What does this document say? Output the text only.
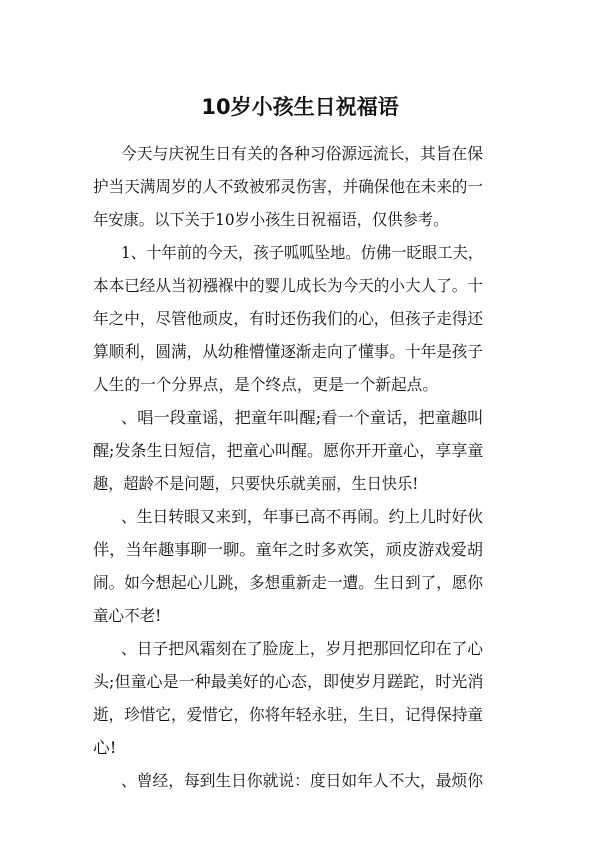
10岁小孩生日祝福语
今天与庆祝生日有关的各种习俗源远流长，其旨在保
护当天满周岁的人不致被邪灵伤害，并确保他在未来的一
年安康。以下关于10岁小孩生日祝福语，仅供参考。
1、十年前的今天，孩子呱呱坠地。仿佛一眨眼工夫，
本本已经从当初襁褓中的婴儿成长为今天的小大人了。十
年之中，尽管他顽皮，有时还伤我们的心，但孩子走得还
算顺利，圆满，从幼稚懵懂逐渐走向了懂事。十年是孩子
人生的一个分界点，是个终点，更是一个新起点。
、唱一段童谣，把童年叫醒;看一个童话，把童趣叫
醒;发条生日短信，把童心叫醒。愿你开开童心，享享童
趣，超龄不是问题，只要快乐就美丽，生日快乐!
、生日转眼又来到，年事已高不再闹。约上儿时好伙
伴，当年趣事聊一聊。童年之时多欢笑，顽皮游戏爱胡
闹。如今想起心儿跳，多想重新走一遭。生日到了，愿你
童心不老!
、日子把风霜刻在了脸庞上，岁月把那回忆印在了心
头;但童心是一种最美好的心态，即使岁月蹉跎，时光消
逝，珍惜它，爱惜它，你将年轻永驻，生日，记得保持童
心!
、曾经，每到生日你就说：度日如年人不大，最烦你
